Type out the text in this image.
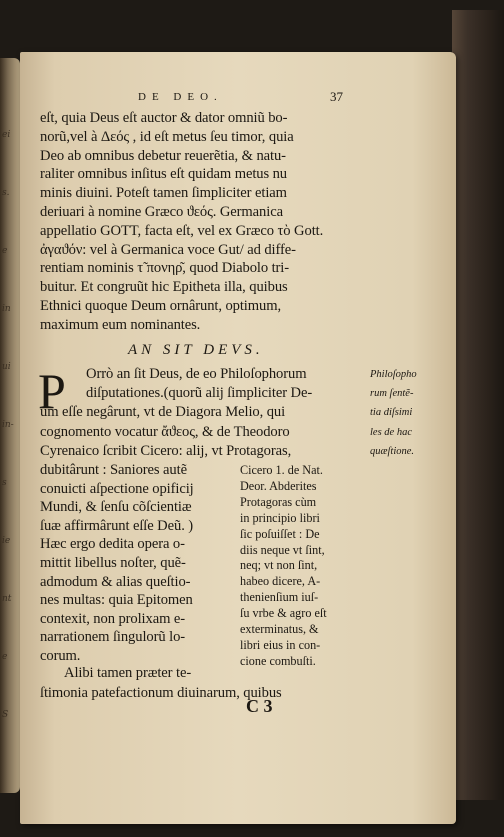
ei
s.
e
in
ui
in-
s
ie
nt
e
S
DE DEO.	37
eſt, quia Deus eſt auctor & dator omniũ bo-
norũ,vel à Δεός , id eſt metus ſeu timor, quia
Deo ab omnibus debetur reuerẽtia, & natu-
raliter omnibus inſitus eſt quidam metus nu
minis diuini. Poteſt tamen ſimpliciter etiam
deriuari à nomine Græco ϑεός. Germanica
appellatio GOTT, facta eſt, vel ex Græco τὸ Gott.
ἀγαϑόν: vel à Germanica voce Gut/ ad diffe-
rentiam nominis τ̃ πονηρ͂, quod Diabolo tri-
buitur. Et congruũt hic Epitheta illa, quibus
Ethnici quoque Deum ornârunt, optimum,
maximum eum nominantes.
AN SIT DEVS.
P Orrò an ſit Deus, de eo Philoſophorum
diſputationes.(quorũ alij ſimpliciter De-
um eſſe negârunt, vt de Diagora Melio, qui
cognomento vocatur ἄϑεος, & de Theodoro
Cyrenaico ſcribit Cicero: alij, vt Protagoras,
Philoſopho
rum ſentẽ-
tia diſsimi
les de hac
quæſtione.
dubitârunt : Saniores autẽ
conuicti aſpectione opificij
Mundi, & ſenſu cõſcientiæ
ſuæ affirmârunt eſſe Deũ. )
Hæc ergo dedita opera o-
mittit libellus noſter, quẽ-
admodum & alias queſtio-
nes multas: quia Epitomen
contexit, non prolixam e-
narrationem ſingulorũ lo-
corum.
Cicero 1. de Nat.
Deor. Abderites
Protagoras cùm
in principio libri
ſic poſuiſſet : De
diis neque vt ſint,
neq; vt non ſint,
habeo dicere, A-
thenienſium iuſ-
ſu vrbe & agro eſt
exterminatus, &
libri eius in con-
cione combuſti.
Alibi tamen præter te-
ſtimonia patefactionum diuinarum, quibus
C 3
